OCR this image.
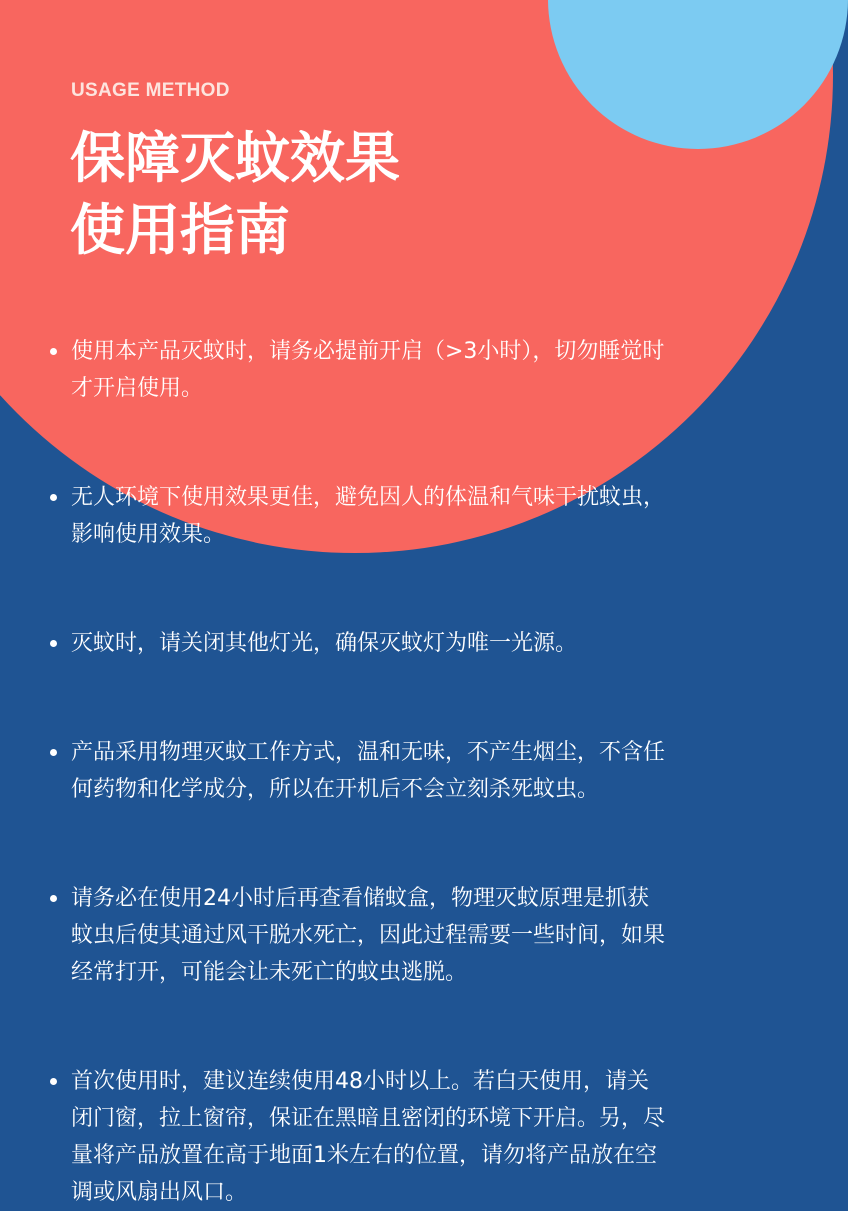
USAGE METHOD
保障灭蚊效果
使用指南
使用本产品灭蚊时，请务必提前开启（>3小时），切勿睡觉时才开启使用。
无人环境下使用效果更佳，避免因人的体温和气味干扰蚊虫，影响使用效果。
灭蚊时，请关闭其他灯光，确保灭蚊灯为唯一光源。
产品采用物理灭蚊工作方式，温和无味，不产生烟尘，不含任何药物和化学成分，所以在开机后不会立刻杀死蚊虫。
请务必在使用24小时后再查看储蚊盒，物理灭蚊原理是抓获蚊虫后使其通过风干脱水死亡，因此过程需要一些时间，如果经常打开，可能会让未死亡的蚊虫逃脱。
首次使用时，建议连续使用48小时以上。若白天使用，请关闭门窗，拉上窗帘，保证在黑暗且密闭的环境下开启。另，尽量将产品放置在高于地面1米左右的位置，请勿将产品放在空调或风扇出风口。
